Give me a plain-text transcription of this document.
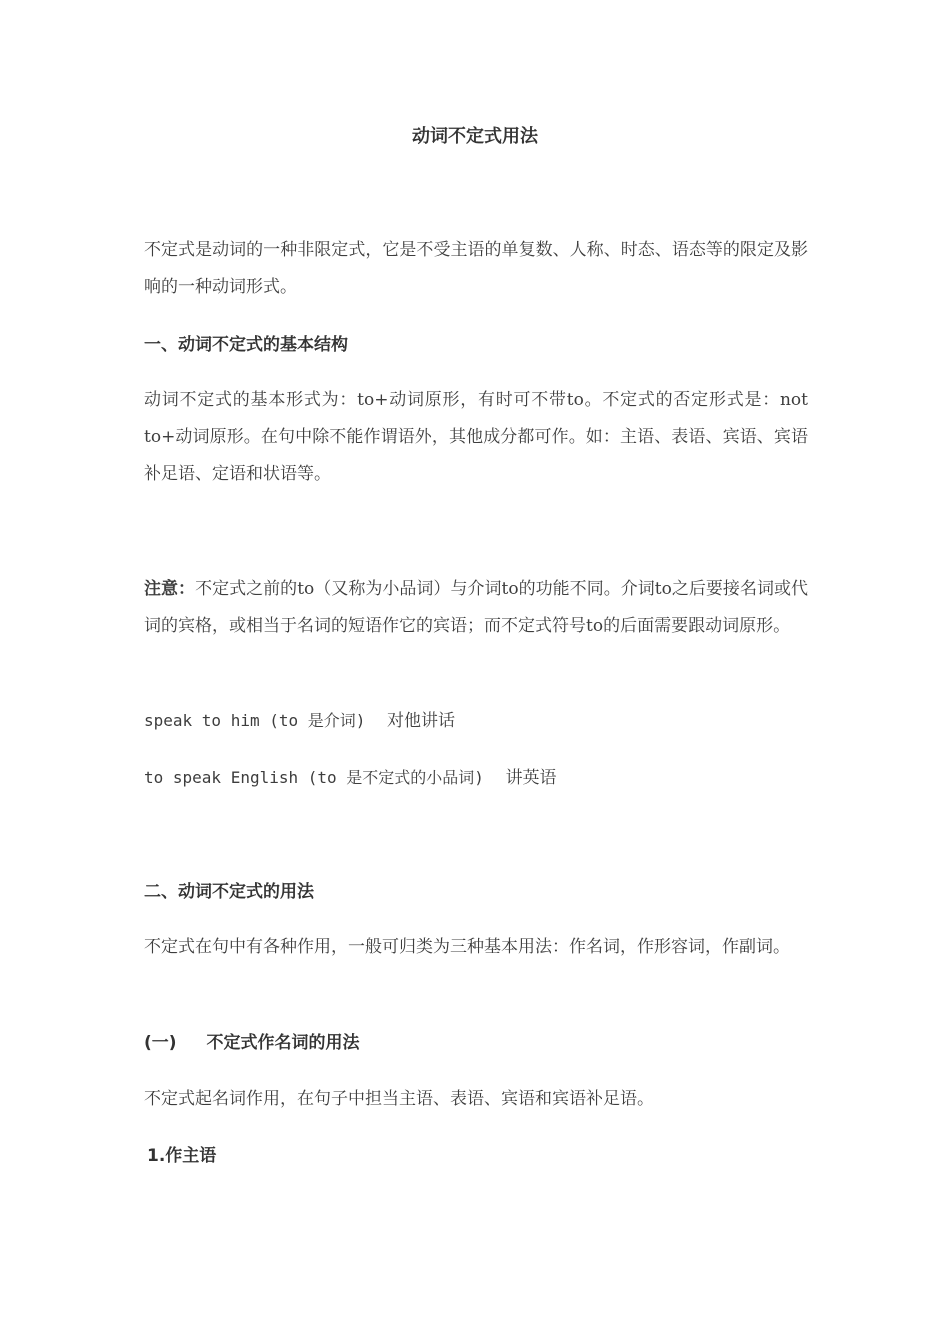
动词不定式用法
不定式是动词的一种非限定式，它是不受主语的单复数、人称、时态、语态等的限定及影响的一种动词形式。
一、动词不定式的基本结构
动词不定式的基本形式为：to+动词原形，有时可不带to。不定式的否定形式是：not to+动词原形。在句中除不能作谓语外，其他成分都可作。如：主语、表语、宾语、宾语补足语、定语和状语等。
注意：不定式之前的to（又称为小品词）与介词to的功能不同。介词to之后要接名词或代词的宾格，或相当于名词的短语作它的宾语；而不定式符号to的后面需要跟动词原形。
speak to him (to 是介词) 对他讲话
to speak English (to 是不定式的小品词) 讲英语
二、动词不定式的用法
不定式在句中有各种作用，一般可归类为三种基本用法：作名词，作形容词，作副词。
(一) 不定式作名词的用法
不定式起名词作用，在句子中担当主语、表语、宾语和宾语补足语。
1.作主语
